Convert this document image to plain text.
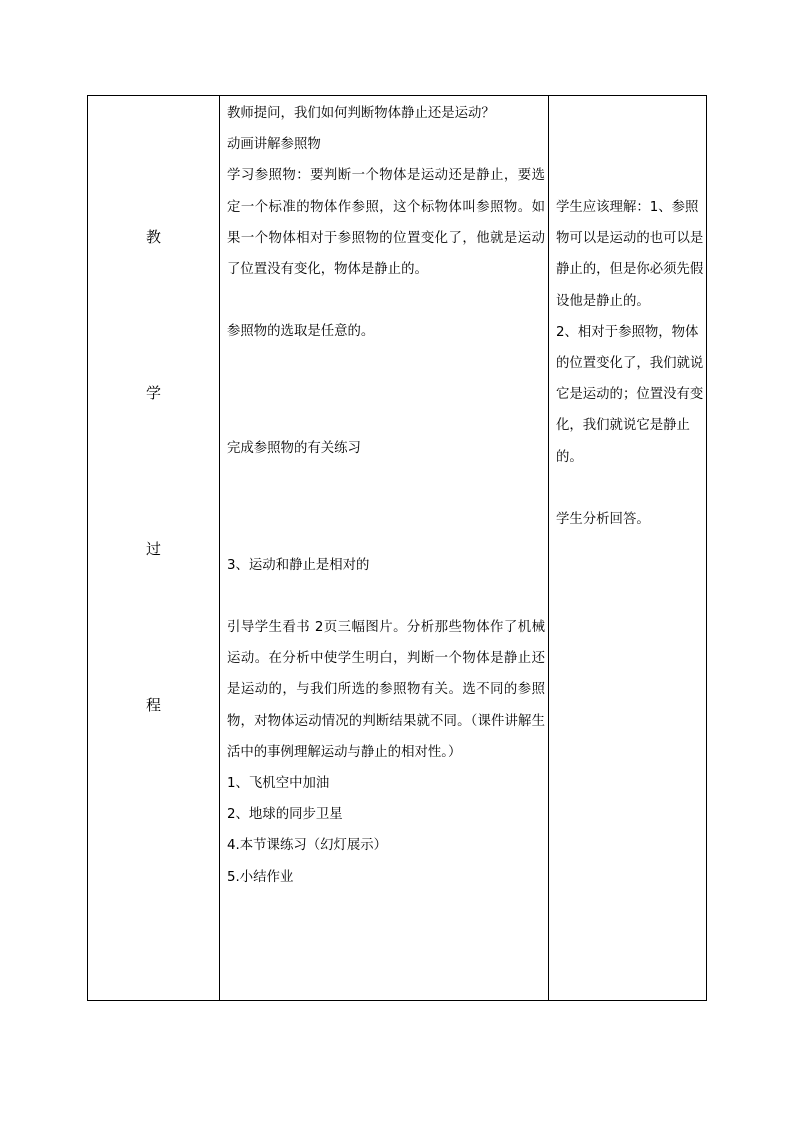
教
学
过
程

教师提问，我们如何判断物体静止还是运动？

动画讲解参照物

学习参照物：要判断一个物体是运动还是静止，要选定一个标准的物体作参照，这个标物体叫参照物。如果一个物体相对于参照物的位置变化了，他就是运动了位置没有变化，物体是静止的。

参照物的选取是任意的。

完成参照物的有关练习

3、运动和静止是相对的

引导学生看书 2页三幅图片。分析那些物体作了机械运动。在分析中使学生明白，判断一个物体是静止还是运动的，与我们所选的参照物有关。选不同的参照物，对物体运动情况的判断结果就不同。（课件讲解生活中的事例理解运动与静止的相对性。）

1、飞机空中加油

2、地球的同步卫星

4.本节课练习（幻灯展示）

5.小结作业

学生应该理解：1、参照物可以是运动的也可以是静止的，但是你必须先假设他是静止的。

2、相对于参照物，物体的位置变化了，我们就说它是运动的；位置没有变化，我们就说它是静止的。

学生分析回答。
